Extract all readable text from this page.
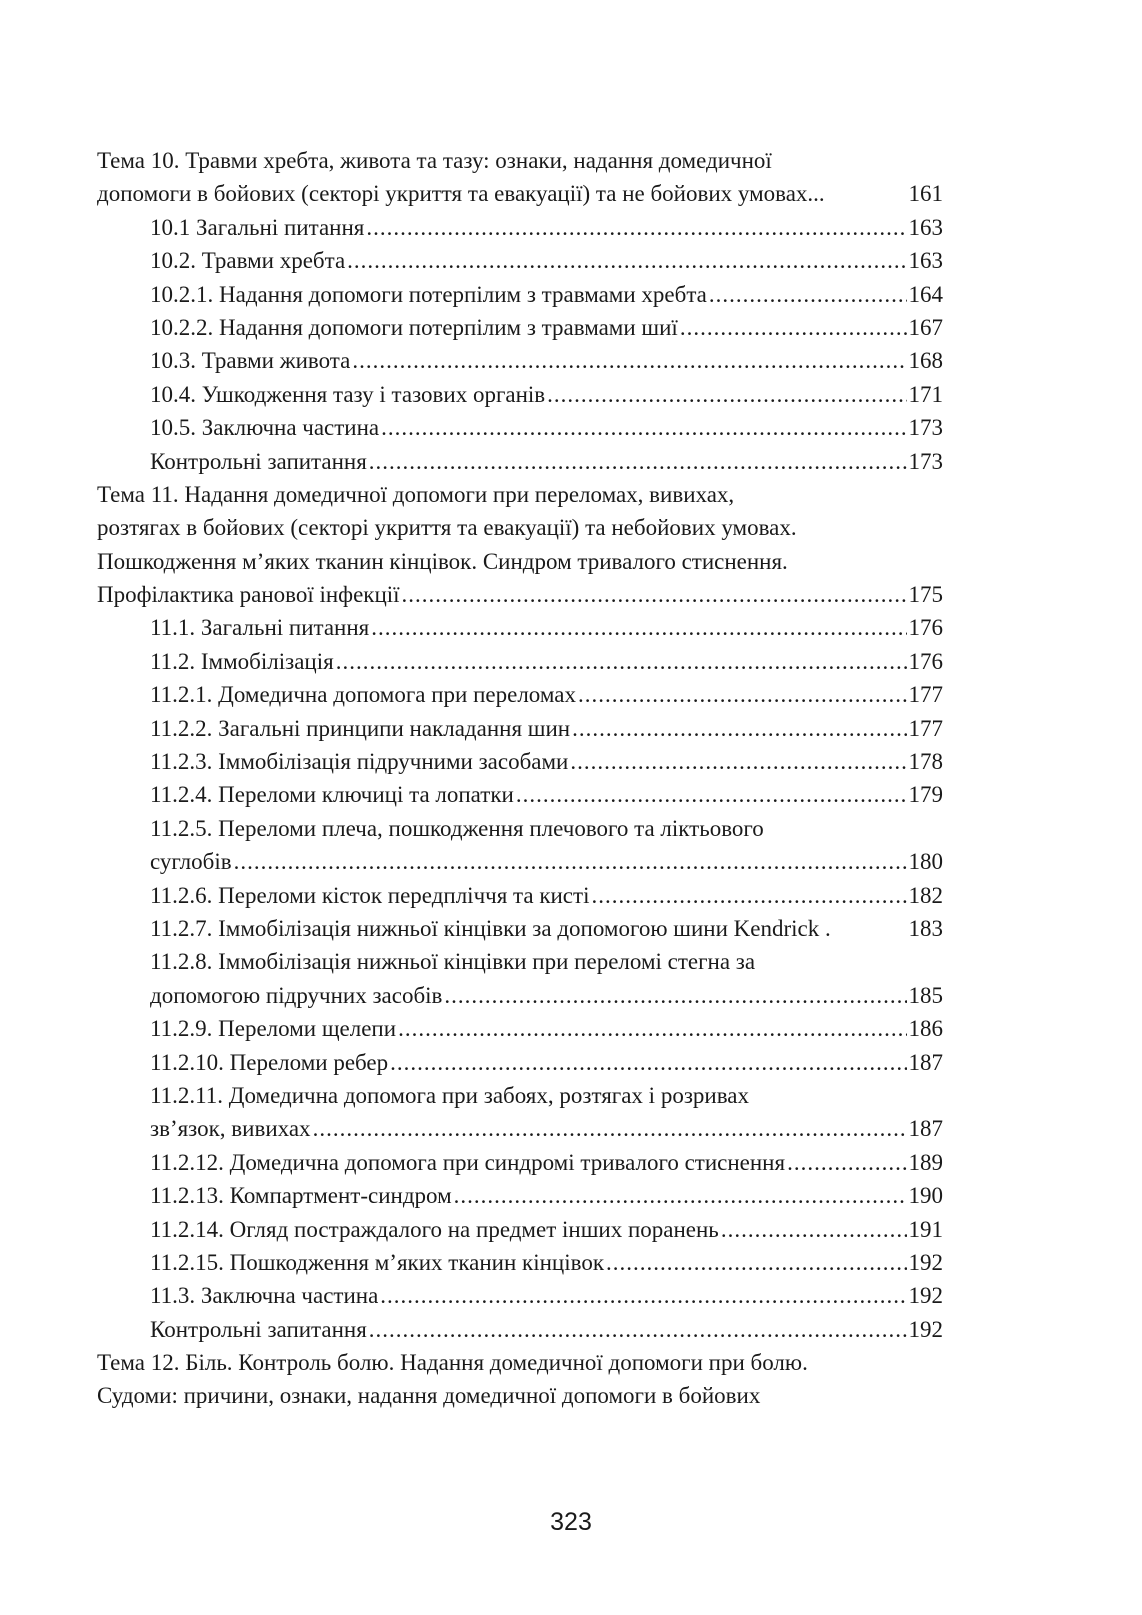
Тема 10. Травми хребта, живота та тазу: ознаки, надання домедичної
допомоги в бойових (секторі укриття та евакуації) та не бойових умовах...	161
10.1 Загальні питання .....	163
10.2. Травми хребта .....	163
10.2.1. Надання допомоги потерпілим з травмами хребта .....	164
10.2.2. Надання допомоги потерпілим з травмами шиї .....	167
10.3. Травми живота .....	168
10.4. Ушкодження тазу і тазових органів .....	171
10.5. Заключна частина .....	173
Контрольні запитання .....	173
Тема 11. Надання домедичної допомоги при переломах, вивихах,
розтягах в бойових (секторі укриття та евакуації) та небойових умовах.
Пошкодження м’яких тканин кінцівок. Синдром тривалого стиснення.
Профілактика ранової інфекції .....	175
11.1. Загальні питання .....	176
11.2. Іммобілізація .....	176
11.2.1. Домедична допомога при переломах .....	177
11.2.2. Загальні принципи накладання шин .....	177
11.2.3. Іммобілізація підручними засобами .....	178
11.2.4. Переломи ключиці та лопатки .....	179
11.2.5. Переломи плеча, пошкодження плечового та ліктьового
суглобів .....	180
11.2.6. Переломи кісток передпліччя та кисті .....	182
11.2.7. Іммобілізація нижньої кінцівки за допомогою шини Kendrick .	183
11.2.8. Іммобілізація нижньої кінцівки при переломі стегна за
допомогою підручних засобів .....	185
11.2.9. Переломи щелепи .....	186
11.2.10. Переломи ребер .....	187
11.2.11. Домедична допомога при забоях, розтягах і розривах
зв’язок, вивихах .....	187
11.2.12. Домедична допомога при синдромі тривалого стиснення .....	189
11.2.13. Компартмент-синдром .....	190
11.2.14. Огляд постраждалого на предмет інших поранень .....	191
11.2.15. Пошкодження м’яких тканин кінцівок .....	192
11.3. Заключна частина .....	192
Контрольні запитання .....	192
Тема 12. Біль. Контроль болю. Надання домедичної допомоги при болю.
Судоми: причини, ознаки, надання домедичної допомоги в бойових
323
